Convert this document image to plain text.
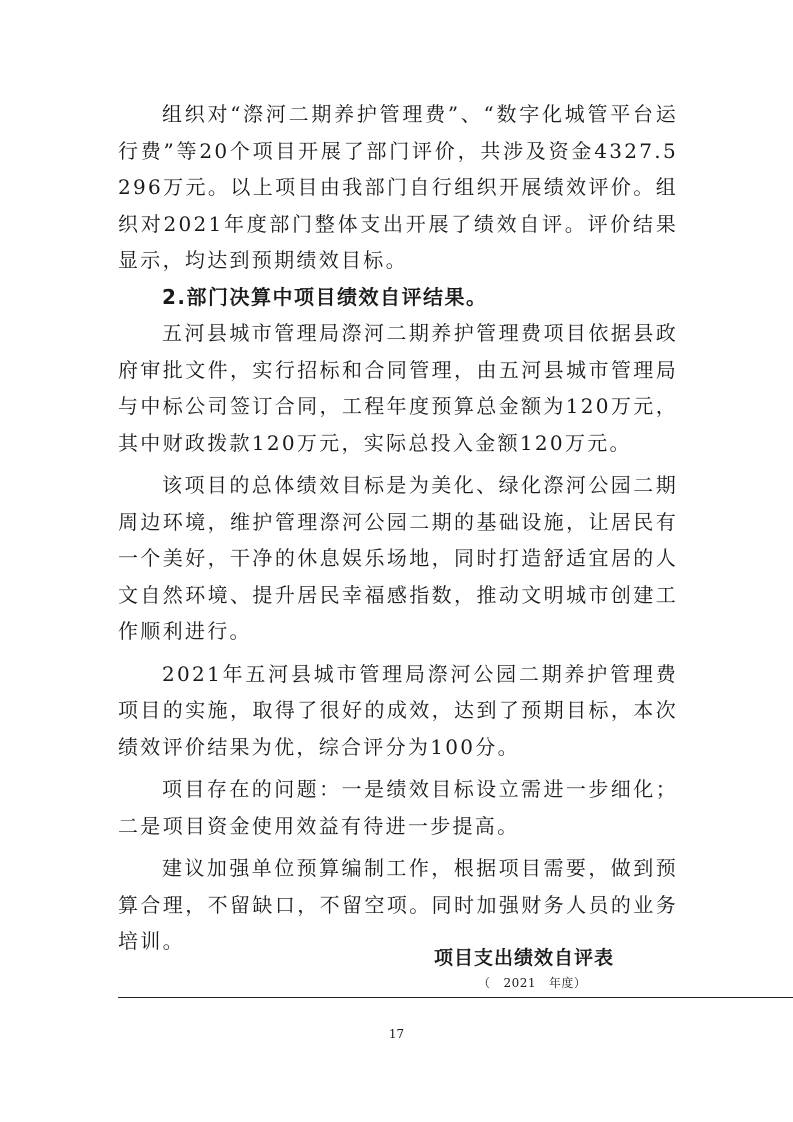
组织对“漈河二期养护管理费”、“数字化城管平台运行费”等20个项目开展了部门评价，共涉及资金4327.5296万元。以上项目由我部门自行组织开展绩效评价。组织对2021年度部门整体支出开展了绩效自评。评价结果显示，均达到预期绩效目标。

2.部门决算中项目绩效自评结果。

五河县城市管理局漈河二期养护管理费项目依据县政府审批文件，实行招标和合同管理，由五河县城市管理局与中标公司签订合同，工程年度预算总金额为120万元，其中财政拨款120万元，实际总投入金额120万元。

该项目的总体绩效目标是为美化、绿化漈河公园二期周边环境，维护管理漈河公园二期的基础设施，让居民有一个美好，干净的休息娱乐场地，同时打造舒适宜居的人文自然环境、提升居民幸福感指数，推动文明城市创建工作顺利进行。

2021年五河县城市管理局漈河公园二期养护管理费项目的实施，取得了很好的成效，达到了预期目标，本次绩效评价结果为优，综合评分为100分。

项目存在的问题：一是绩效目标设立需进一步细化；二是项目资金使用效益有待进一步提高。

建议加强单位预算编制工作，根据项目需要，做到预算合理，不留缺口，不留空项。同时加强财务人员的业务培训。

项目支出绩效自评表
（   2021   年度）
17
